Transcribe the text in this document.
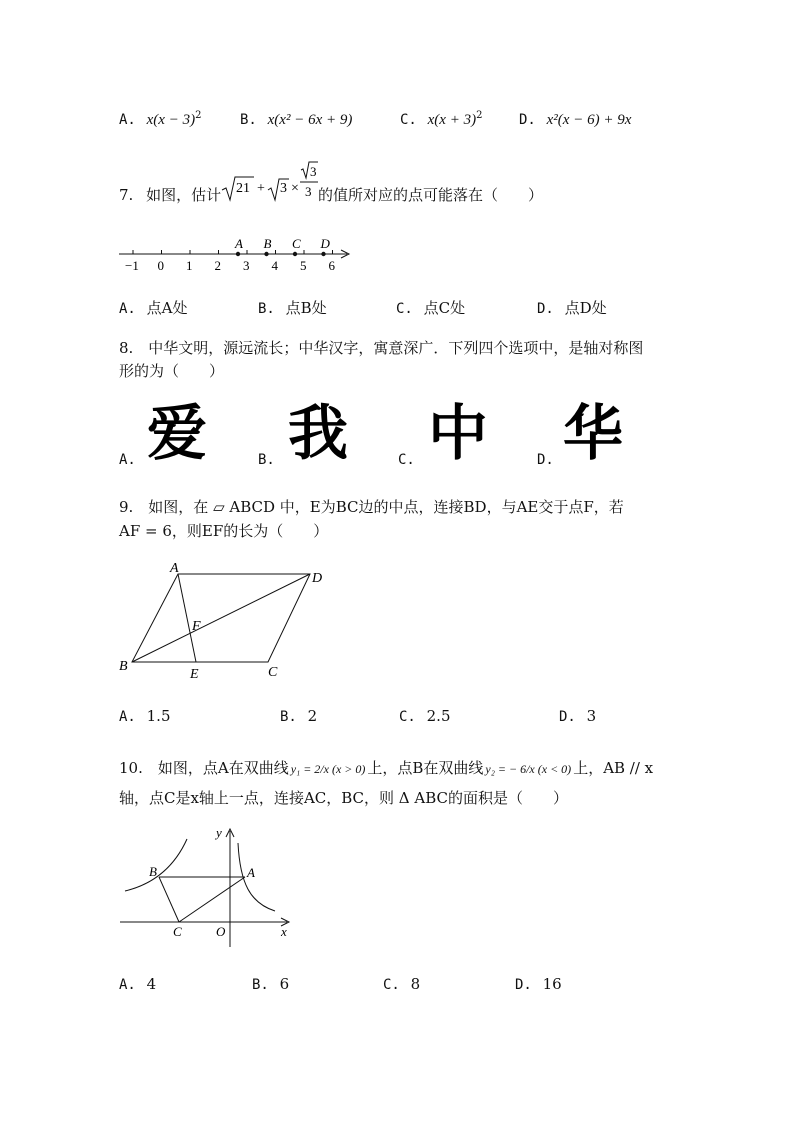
A. $x(x - 3)^2$	B. x(x² − 6x + 9)	C. $x(x + 3)^2$	D. x²(x − 6) + 9x
7. 如图，估计 21 + 3 ×
3
3 的值所对应的点可能落在（　　）
−1 0 1 2 3 4 5 6
A B C D
A. 点A处	B. 点B处	C. 点C处	D. 点D处
8.　中华文明，源远流长；中华汉字，寓意深广．下列四个选项中，是轴对称图
形的为（　　）
A. 爱	B. 我	C. 中	D. 华
9.　如图，在 ▱ ABCD 中，E为BC边的中点，连接BD，与AE交于点F，若
AF = 6，则EF的长为（　　）
A
D
B	C
E
F
A. 1.5	B. 2	C. 2.5	D. 3
10.　如图，点A在双曲线 y₁ = 2/x (x > 0) 上，点B在双曲线 y₂ = − 6/x (x < 0) 上，AB // x
轴，点C是x轴上一点，连接AC，BC，则 Δ ABC的面积是（　　）
y
x
O
A
B
C
A. 4	B. 6	C. 8	D. 16
